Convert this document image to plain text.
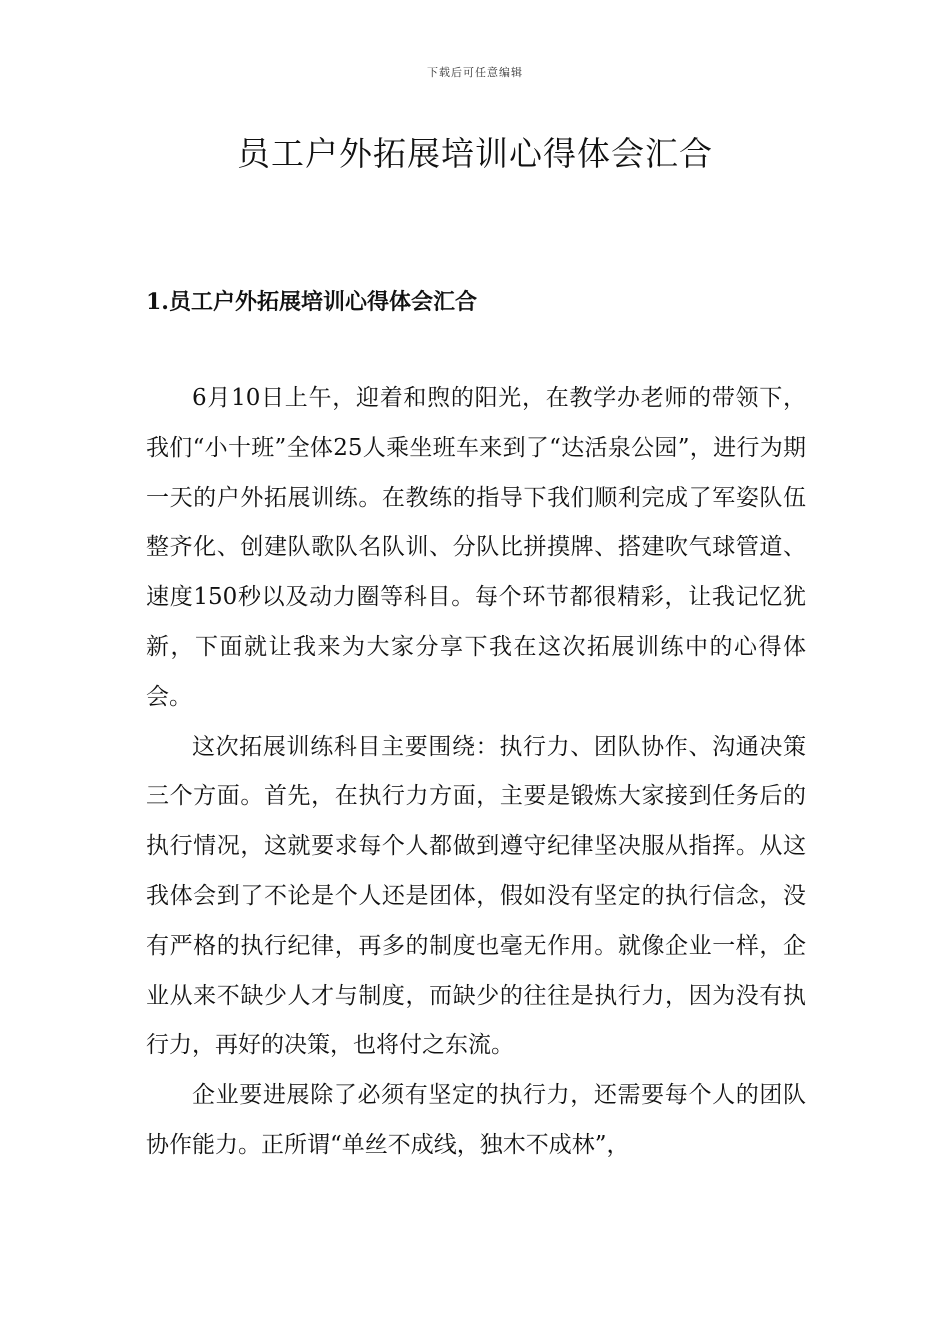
下载后可任意编辑
员工户外拓展培训心得体会汇合
1.员工户外拓展培训心得体会汇合

6月10日上午，迎着和煦的阳光，在教学办老师的带领下，我们“小十班”全体25人乘坐班车来到了“达活泉公园”，进行为期一天的户外拓展训练。在教练的指导下我们顺利完成了军姿队伍整齐化、创建队歌队名队训、分队比拼摸牌、搭建吹气球管道、速度150秒以及动力圈等科目。每个环节都很精彩，让我记忆犹新，下面就让我来为大家分享下我在这次拓展训练中的心得体会。

这次拓展训练科目主要围绕：执行力、团队协作、沟通决策三个方面。首先，在执行力方面，主要是锻炼大家接到任务后的执行情况，这就要求每个人都做到遵守纪律坚决服从指挥。从这我体会到了不论是个人还是团体，假如没有坚定的执行信念，没有严格的执行纪律，再多的制度也毫无作用。就像企业一样，企业从来不缺少人才与制度，而缺少的往往是执行力，因为没有执行力，再好的决策，也将付之东流。

企业要进展除了必须有坚定的执行力，还需要每个人的团队协作能力。正所谓“单丝不成线，独木不成林”，
